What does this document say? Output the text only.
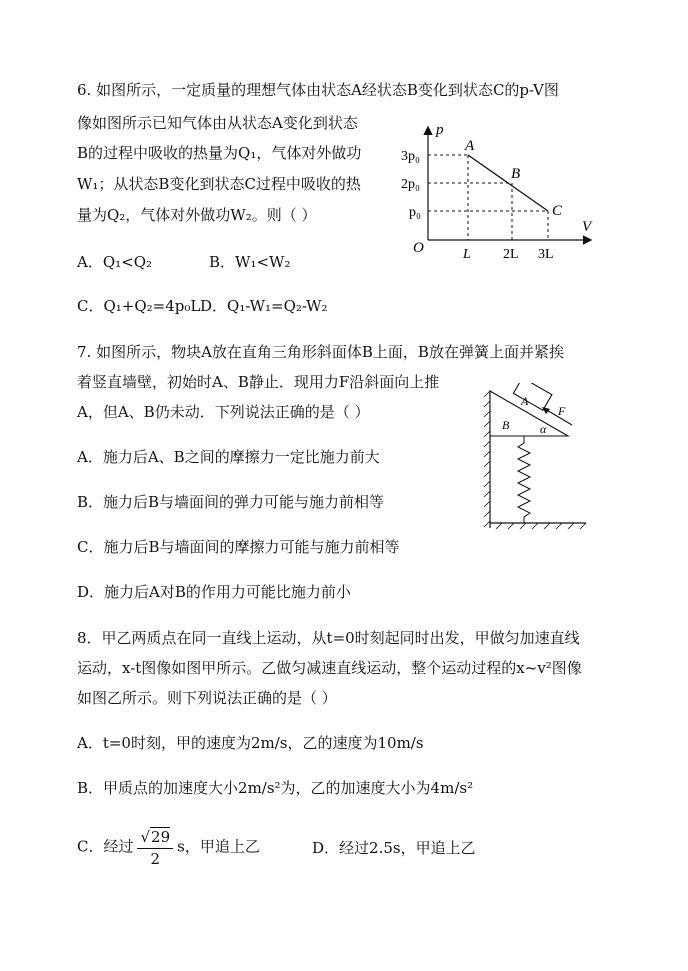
6. 如图所示，一定质量的理想气体由状态A经状态B变化到状态C的p-V图
像如图所示已知气体由从状态A变化到状态
B的过程中吸收的热量为Q₁，气体对外做功
W₁；从状态B变化到状态C过程中吸收的热
量为Q₂，气体对外做功W₂。则（ ）
A．Q₁<Q₂	B．W₁<W₂
C．Q₁+Q₂=4p₀L D．Q₁-W₁=Q₂-W₂
p
V
O
3p₀
2p₀
p₀
L 2L 3L
A
B
C
7. 如图所示，物块A放在直角三角形斜面体B上面，B放在弹簧上面并紧挨
着竖直墙壁，初始时A、B静止．现用力F沿斜面向上推
A，但A、B仍未动．下列说法正确的是（ ）
A．施力后A、B之间的摩擦力一定比施力前大
B．施力后B与墙面间的弹力可能与施力前相等
C．施力后B与墙面间的摩擦力可能与施力前相等
D．施力后A对B的作用力可能比施力前小
A
B
F
α
8．甲乙两质点在同一直线上运动，从t=0时刻起同时出发，甲做匀加速直线
运动，x-t图像如图甲所示。乙做匀减速直线运动，整个运动过程的x~v²图像
如图乙所示。则下列说法正确的是（ ）
A．t=0时刻，甲的速度为2m/s，乙的速度为10m/s
B．甲质点的加速度大小2m/s²为，乙的加速度大小为4m/s²
C．经过 $\frac{√29}{2}$ s，甲追上乙	D．经过2.5s，甲追上乙
